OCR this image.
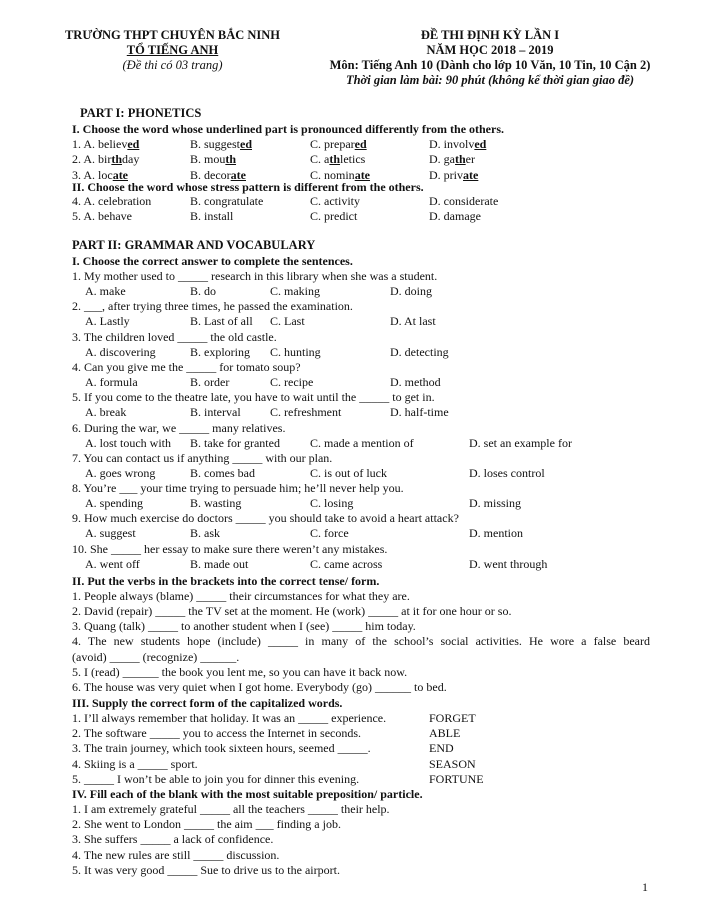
TRƯỜNG THPT CHUYÊN BẮC NINH
TỔ TIẾNG ANH
(Đề thi có 03 trang)
ĐỀ THI ĐỊNH KỲ LẦN I
NĂM HỌC 2018 – 2019
Môn: Tiếng Anh 10 (Dành cho lớp 10 Văn, 10 Tin, 10 Cận 2)
Thời gian làm bài: 90 phút (không kể thời gian giao đề)
PART I: PHONETICS
I. Choose the word whose underlined part is pronounced differently from the others.
1. A. believed	B. suggested	C. prepared	D. involved
2. A. birthday	B. mouth	C. athletics	D. gather
3. A. locate	B. decorate	C. nominate	D. private
II. Choose the word whose stress pattern is different from the others.
4. A. celebration	B. congratulate	C. activity	D. considerate
5. A. behave	B. install	C. predict	D. damage
PART II: GRAMMAR AND VOCABULARY
I. Choose the correct answer to complete the sentences.
1. My mother used to _____ research in this library when she was a student.
A. make	B. do	C. making	D. doing
2. ___, after trying three times, he passed the examination.
A. Lastly	B. Last of all C. Last	D. At last
3. The children loved _____ the old castle.
A. discovering	B. exploring C. hunting	D. detecting
4. Can you give me the _____ for tomato soup?
A. formula	B. order	C. recipe	D. method
5. If you come to the theatre late, you have to wait until the _____ to get in.
A. break	B. interval C. refreshment	D. half-time
6. During the war, we _____ many relatives.
A. lost touch with B. take for granted	C. made a mention of	D. set an example for
7. You can contact us if anything _____ with our plan.
A. goes wrong	B. comes bad	C. is out of luck	D. loses control
8. You’re ___ your time trying to persuade him; he’ll never help you.
A. spending	B. wasting	C. losing	D. missing
9. How much exercise do doctors _____ you should take to avoid a heart attack?
A. suggest	B. ask	C. force	D. mention
10. She _____ her essay to make sure there weren’t any mistakes.
A. went off	B. made out	C. came across	D. went through
II. Put the verbs in the brackets into the correct tense/ form.
1. People always (blame) _____ their circumstances for what they are.
2. David (repair) _____ the TV set at the moment. He (work) _____ at it for one hour or so.
3. Quang (talk) _____ to another student when I (see) _____ him today.
4. The new students hope (include) _____ in many of the school’s social activities. He wore a false beard
(avoid) _____ (recognize) ______.
5. I (read) ______ the book you lent me, so you can have it back now.
6. The house was very quiet when I got home. Everybody (go) ______ to bed.
III. Supply the correct form of the capitalized words.
1. I’ll always remember that holiday. It was an _____ experience.	FORGET
2. The software _____ you to access the Internet in seconds.	ABLE
3. The train journey, which took sixteen hours, seemed _____.	END
4. Skiing is a _____ sport.	SEASON
5. _____ I won’t be able to join you for dinner this evening.	FORTUNE
IV. Fill each of the blank with the most suitable preposition/ particle.
1. I am extremely grateful _____ all the teachers _____ their help.
2. She went to London _____ the aim ___ finding a job.
3. She suffers _____ a lack of confidence.
4. The new rules are still _____ discussion.
5. It was very good _____ Sue to drive us to the airport.
1
